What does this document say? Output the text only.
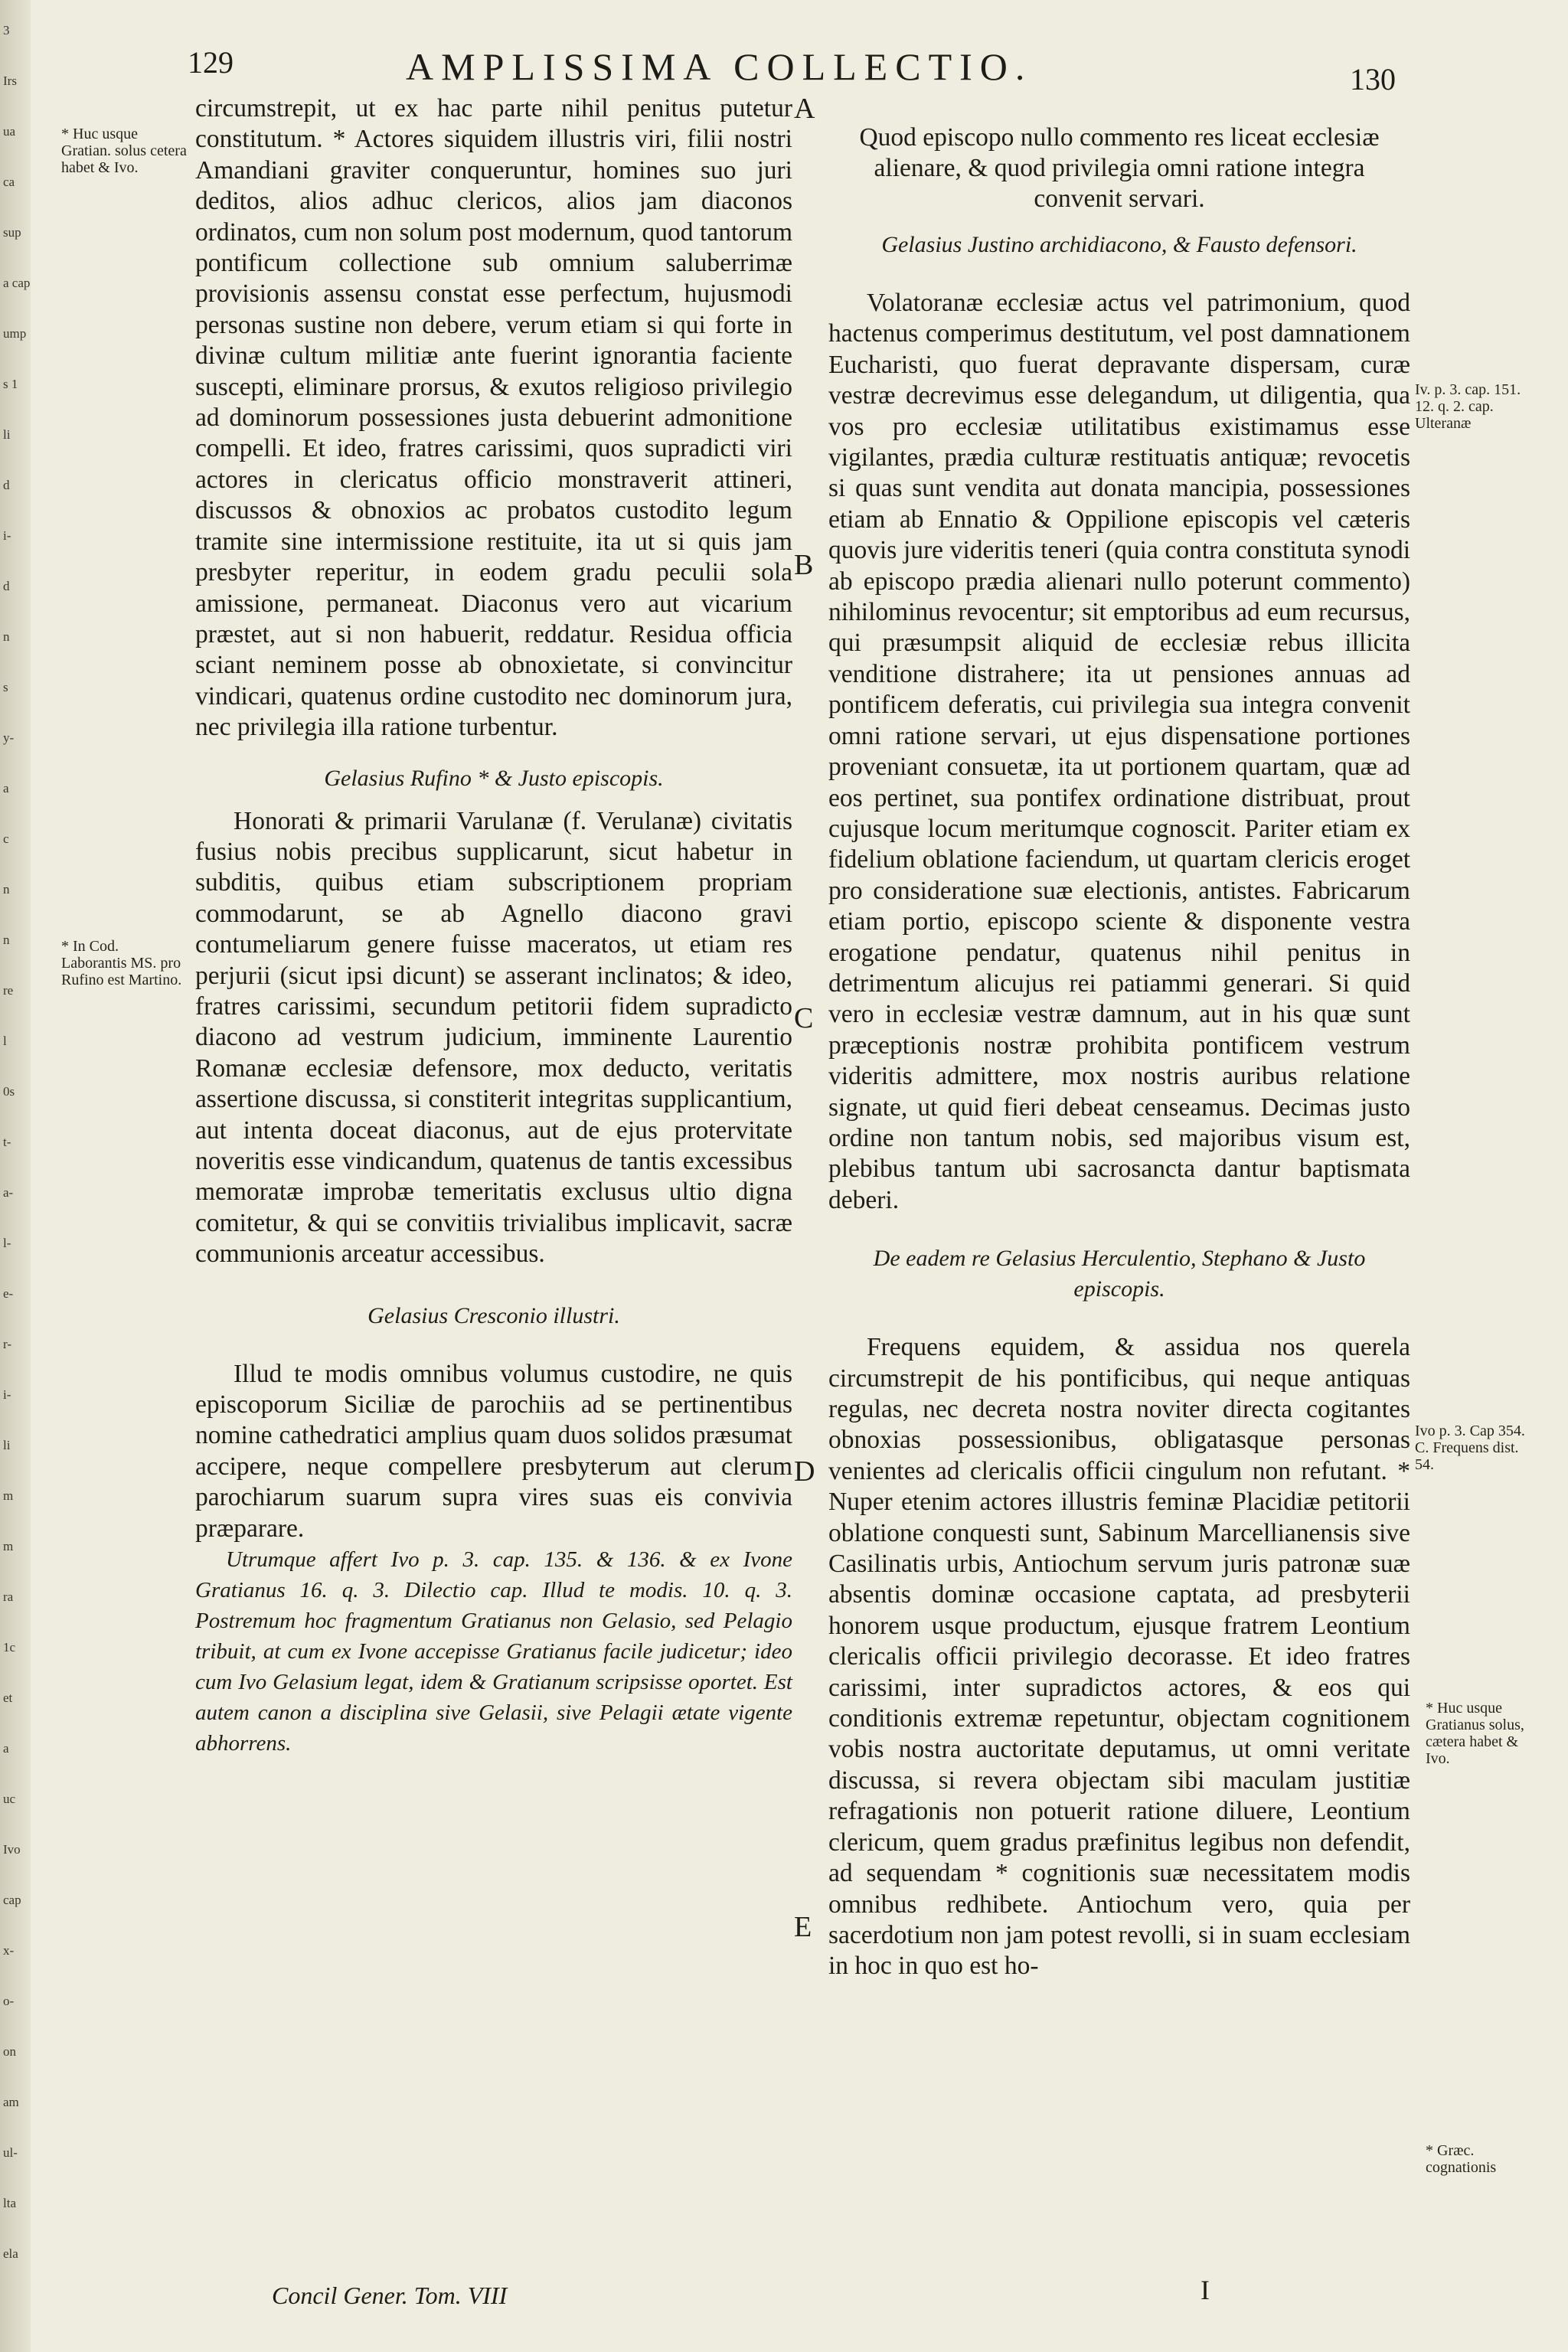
3
Irs
ua
ca
sup
a cap
ump
s 1
li
d
i-
d
n
s
y-
a
c
n
n
re
l
0s
t-
a-
l-
e-
r-
i-
li
m
m
ra
1c
et
a
uc
Ivo
cap
x-
o-
on
am
ul-
lta
ela
129	AMPLISSIMA COLLECTIO.	130

circumstrepit, ut ex hac parte nihil penitus putetur constitutum. * Actores siquidem illustris viri, filii nostri Amandiani graviter conqueruntur, homines suo juri deditos, alios adhuc clericos, alios jam diaconos ordinatos, cum non solum post modernum, quod tantorum pontificum collectione sub omnium saluberrimæ provisionis assensu constat esse perfectum, hujusmodi personas sustine non debere, verum etiam si qui forte in divinæ cultum militiæ ante fuerint ignorantia faciente suscepti, eliminare prorsus, & exutos religioso privilegio ad dominorum possessiones justa debuerint admonitione compelli. Et ideo, fratres carissimi, quos supradicti viri actores in clericatus officio monstraverit attineri, discussos & obnoxios ac probatos custodito legum tramite sine intermissione restituite, ita ut si quis jam presbyter reperitur, in eodem gradu peculii sola amissione, permaneat. Diaconus vero aut vicarium præstet, aut si non habuerit, reddatur. Residua officia sciant neminem posse ab obnoxietate, si convincitur vindicari, quatenus ordine custodito nec dominorum jura, nec privilegia illa ratione turbentur.

Gelasius Rufino * & Justo episcopis.

Honorati & primarii Varulanæ (f. Verulanæ) civitatis fusius nobis precibus supplicarunt, sicut habetur in subditis, quibus etiam subscriptionem propriam commodarunt, se ab Agnello diacono gravi contumeliarum genere fuisse maceratos, ut etiam res perjurii (sicut ipsi dicunt) se asserant inclinatos; & ideo, fratres carissimi, secundum petitorii fidem supradicto diacono ad vestrum judicium, imminente Laurentio Romanæ ecclesiæ defensore, mox deducto, veritatis assertione discussa, si constiterit integritas supplicantium, aut intenta doceat diaconus, aut de ejus protervitate noveritis esse vindicandum, quatenus de tantis excessibus memoratæ improbæ temeritatis exclusus ultio digna comitetur, & qui se convitiis trivialibus implicavit, sacræ communionis arceatur accessibus.

Gelasius Cresconio illustri.

Illud te modis omnibus volumus custodire, ne quis episcoporum Siciliæ de parochiis ad se pertinentibus nomine cathedratici amplius quam duos solidos præsumat accipere, neque compellere presbyterum aut clerum parochiarum suarum supra vires suas eis convivia præparare.

Utrumque affert Ivo p. 3. cap. 135. & 136. & ex Ivone Gratianus 16. q. 3. Dilectio cap. Illud te modis. 10. q. 3. Postremum hoc fragmentum Gratianus non Gelasio, sed Pelagio tribuit, at cum ex Ivone accepisse Gratianus facile judicetur; ideo cum Ivo Gelasium legat, idem & Gratianum scripsisse oportet. Est autem canon a disciplina sive Gelasii, sive Pelagii ætate vigente abhorrens.
Quod episcopo nullo commento res liceat ecclesiæ alienare, & quod privilegia omni ratione integra convenit servari.
Gelasius Justino archidiacono, & Fausto defensori.

Volatoranæ ecclesiæ actus vel patrimonium, quod hactenus comperimus destitutum, vel post damnationem Eucharisti, quo fuerat depravante dispersam, curæ vestræ decrevimus esse delegandum, ut diligentia, qua vos pro ecclesiæ utilitatibus existimamus esse vigilantes, prædia culturæ restituatis antiquæ; revocetis si quas sunt vendita aut donata mancipia, possessiones etiam ab Ennatio & Oppilione episcopis vel cæteris quovis jure videritis teneri (quia contra constituta synodi ab episcopo prædia alienari nullo poterunt commento) nihilominus revocentur; sit emptoribus ad eum recursus, qui præsumpsit aliquid de ecclesiæ rebus illicita venditione distrahere; ita ut pensiones annuas ad pontificem deferatis, cui privilegia sua integra convenit omni ratione servari, ut ejus dispensatione portiones proveniant consuetæ, ita ut portionem quartam, quæ ad eos pertinet, sua pontifex ordinatione distribuat, prout cujusque locum meritumque cognoscit. Pariter etiam ex fidelium oblatione faciendum, ut quartam clericis eroget pro consideratione suæ electionis, antistes. Fabricarum etiam portio, episcopo sciente & disponente vestra erogatione pendatur, quatenus nihil penitus in detrimentum alicujus rei patiammi generari. Si quid vero in ecclesiæ vestræ damnum, aut in his quæ sunt præceptionis nostræ prohibita pontificem vestrum videritis admittere, mox nostris auribus relatione signate, ut quid fieri debeat censeamus. Decimas justo ordine non tantum nobis, sed majoribus visum est, plebibus tantum ubi sacrosancta dantur baptismata deberi.

De eadem re Gelasius Herculentio, Stephano & Justo episcopis.

Frequens equidem, & assidua nos querela circumstrepit de his pontificibus, qui neque antiquas regulas, nec decreta nostra noviter directa cogitantes obnoxias possessionibus, obligatasque personas venientes ad clericalis officii cingulum non refutant. * Nuper etenim actores illustris feminæ Placidiæ petitorii oblatione conquesti sunt, Sabinum Marcellianensis sive Casilinatis urbis, Antiochum servum juris patronæ suæ absentis dominæ occasione captata, ad presbyterii honorem usque productum, ejusque fratrem Leontium clericalis officii privilegio decorasse. Et ideo fratres carissimi, inter supradictos actores, & eos qui conditionis extremæ repetuntur, objectam cognitionem vobis nostra auctoritate deputamus, ut omni veritate discussa, si revera objectam sibi maculam justitiæ refragationis non potuerit ratione diluere, Leontium clericum, quem gradus præfinitus legibus non defendit, ad sequendam * cognitionis suæ necessitatem modis omnibus redhibete. Antiochum vero, quia per sacerdotium non jam potest revolli, si in suam ecclesiam in hoc in quo est ho-

* Huc usque Gratian. solus cetera habet & Ivo.
* In Cod. Laborantis MS. pro Rufino est Martino.
Iv. p. 3. cap. 151. 12. q. 2. cap. Ulteranæ
Ivo p. 3. Cap 354. C. Frequens dist. 54.
* Huc usque Gratianus solus, cætera habet & Ivo.
* Græc. cognationis
A
B
C
D
E
Concil Gener. Tom. VIII	I
